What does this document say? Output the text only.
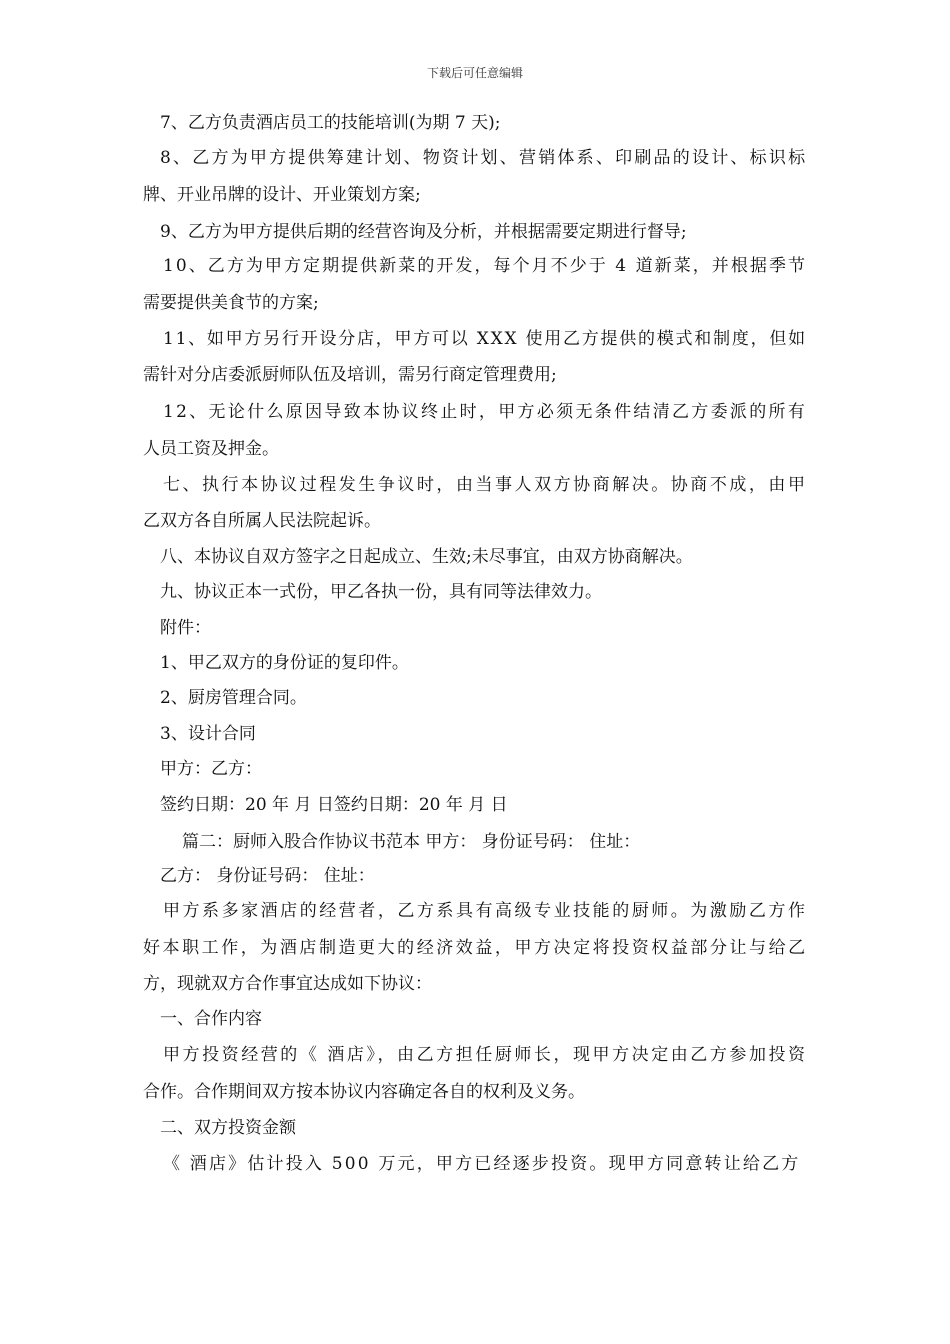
下载后可任意编辑
7、乙方负责酒店员工的技能培训(为期 7 天);
8、乙方为甲方提供筹建计划、物资计划、营销体系、印刷品的设计、标识标
牌、开业吊牌的设计、开业策划方案;
9、乙方为甲方提供后期的经营咨询及分析，并根据需要定期进行督导;
10、乙方为甲方定期提供新菜的开发，每个月不少于 4 道新菜，并根据季节
需要提供美食节的方案;
11、如甲方另行开设分店，甲方可以 XXX 使用乙方提供的模式和制度，但如
需针对分店委派厨师队伍及培训，需另行商定管理费用;
12、无论什么原因导致本协议终止时，甲方必须无条件结清乙方委派的所有
人员工资及押金。
七、执行本协议过程发生争议时，由当事人双方协商解决。协商不成，由甲
乙双方各自所属人民法院起诉。
八、本协议自双方签字之日起成立、生效;未尽事宜，由双方协商解决。
九、协议正本一式份，甲乙各执一份，具有同等法律效力。
附件：
1、甲乙双方的身份证的复印件。
2、厨房管理合同。
3、设计合同
甲方：乙方：
签约日期：20 年 月 日签约日期：20 年 月 日
篇二：厨师入股合作协议书范本 甲方： 身份证号码： 住址：
乙方： 身份证号码： 住址：
甲方系多家酒店的经营者，乙方系具有高级专业技能的厨师。为激励乙方作
好本职工作，为酒店制造更大的经济效益，甲方决定将投资权益部分让与给乙
方，现就双方合作事宜达成如下协议：
一、合作内容
甲方投资经营的《 酒店》，由乙方担任厨师长，现甲方决定由乙方参加投资
合作。合作期间双方按本协议内容确定各自的权利及义务。
二、双方投资金额
《 酒店》估计投入 500 万元，甲方已经逐步投资。现甲方同意转让给乙方
